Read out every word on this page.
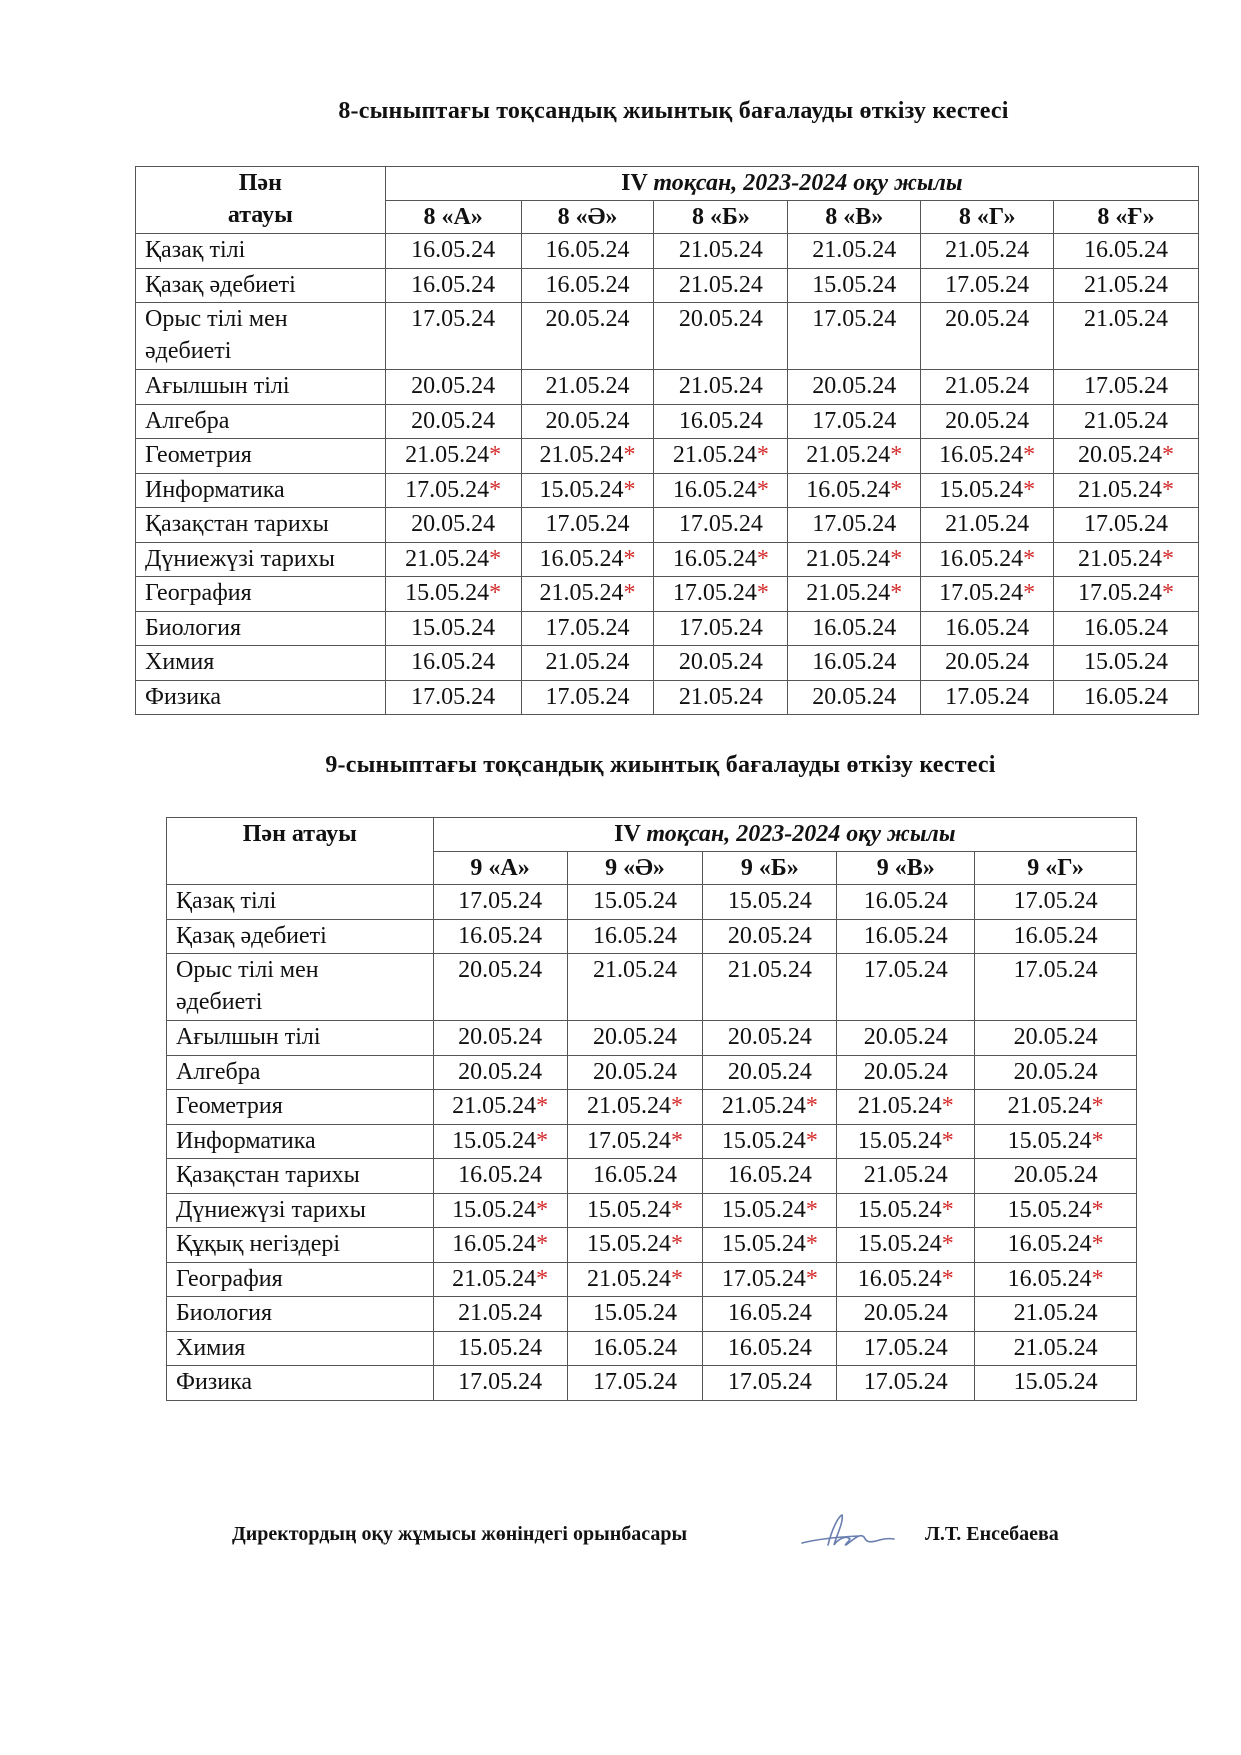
8-сыныптағы тоқсандық жиынтық бағалауды өткізу кестесі
Пән
атауы	IV тоқсан, 2023-2024 оқу жылы					
	8 «А»	8 «Ә»	8 «Б»	8 «В»	8 «Г»	8 «Ғ»
Қазақ тілі	16.05.24	16.05.24	21.05.24	21.05.24	21.05.24	16.05.24
Қазақ әдебиеті	16.05.24	16.05.24	21.05.24	15.05.24	17.05.24	21.05.24

Орыс тілі мен
әдебиеті	17.05.24	20.05.24	20.05.24	17.05.24	20.05.24	21.05.24
Ағылшын тілі	20.05.24	21.05.24	21.05.24	20.05.24	21.05.24	17.05.24
Алгебра	20.05.24	20.05.24	16.05.24	17.05.24	20.05.24	21.05.24
Геометрия	21.05.24*	21.05.24*	21.05.24*	21.05.24*	16.05.24*	20.05.24*
Информатика	17.05.24*	15.05.24*	16.05.24*	16.05.24*	15.05.24*	21.05.24*
Қазақстан тарихы	20.05.24	17.05.24	17.05.24	17.05.24	21.05.24	17.05.24
Дүниежүзі тарихы	21.05.24*	16.05.24*	16.05.24*	21.05.24*	16.05.24*	21.05.24*
География	15.05.24*	21.05.24*	17.05.24*	21.05.24*	17.05.24*	17.05.24*
Биология	15.05.24	17.05.24	17.05.24	16.05.24	16.05.24	16.05.24
Химия	16.05.24	21.05.24	20.05.24	16.05.24	20.05.24	15.05.24
Физика	17.05.24	17.05.24	21.05.24	20.05.24	17.05.24	16.05.24
9-сыныптағы тоқсандық жиынтық бағалауды өткізу кестесі
Пән атауы	IV тоқсан, 2023-2024 оқу жылы				
	9 «А»	9 «Ә»	9 «Б»	9 «В»	9 «Г»
Қазақ тілі	17.05.24	15.05.24	15.05.24	16.05.24	17.05.24
Қазақ әдебиеті	16.05.24	16.05.24	20.05.24	16.05.24	16.05.24

Орыс тілі мен
әдебиеті	20.05.24	21.05.24	21.05.24	17.05.24	17.05.24
Ағылшын тілі	20.05.24	20.05.24	20.05.24	20.05.24	20.05.24
Алгебра	20.05.24	20.05.24	20.05.24	20.05.24	20.05.24
Геометрия	21.05.24*	21.05.24*	21.05.24*	21.05.24*	21.05.24*
Информатика	15.05.24*	17.05.24*	15.05.24*	15.05.24*	15.05.24*
Қазақстан тарихы	16.05.24	16.05.24	16.05.24	21.05.24	20.05.24
Дүниежүзі тарихы	15.05.24*	15.05.24*	15.05.24*	15.05.24*	15.05.24*
Құқық негіздері	16.05.24*	15.05.24*	15.05.24*	15.05.24*	16.05.24*
География	21.05.24*	21.05.24*	17.05.24*	16.05.24*	16.05.24*
Биология	21.05.24	15.05.24	16.05.24	20.05.24	21.05.24
Химия	15.05.24	16.05.24	16.05.24	17.05.24	21.05.24
Физика	17.05.24	17.05.24	17.05.24	17.05.24	15.05.24
Директордың оқу жұмысы жөніндегі орынбасары	Л.Т. Енсебаева
